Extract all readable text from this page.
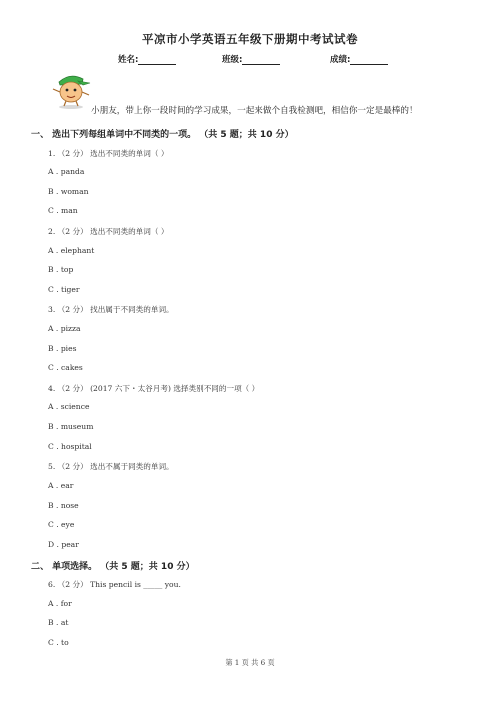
平凉市小学英语五年级下册期中考试试卷
姓名:	班级:	成绩:
小朋友，带上你一段时间的学习成果，一起来做个自我检测吧，相信你一定是最棒的！
一、 选出下列每组单词中不同类的一项。 （共 5 题；共 10 分）
1. （2 分） 选出不同类的单词（ ）
A . panda
B . woman
C . man
2. （2 分） 选出不同类的单词（ ）
A . elephant
B . top
C . tiger
3. （2 分） 找出属于不同类的单词。
A . pizza
B . pies
C . cakes
4. （2 分） (2017 六下・太谷月考) 选择类别不同的一项（ ）
A . science
B . museum
C . hospital
5. （2 分） 选出不属于同类的单词。
A . ear
B . nose
C . eye
D . pear
二、 单项选择。 （共 5 题；共 10 分）
6. （2 分） This pencil is _____ you.
A . for
B . at
C . to
第 1 页 共 6 页
